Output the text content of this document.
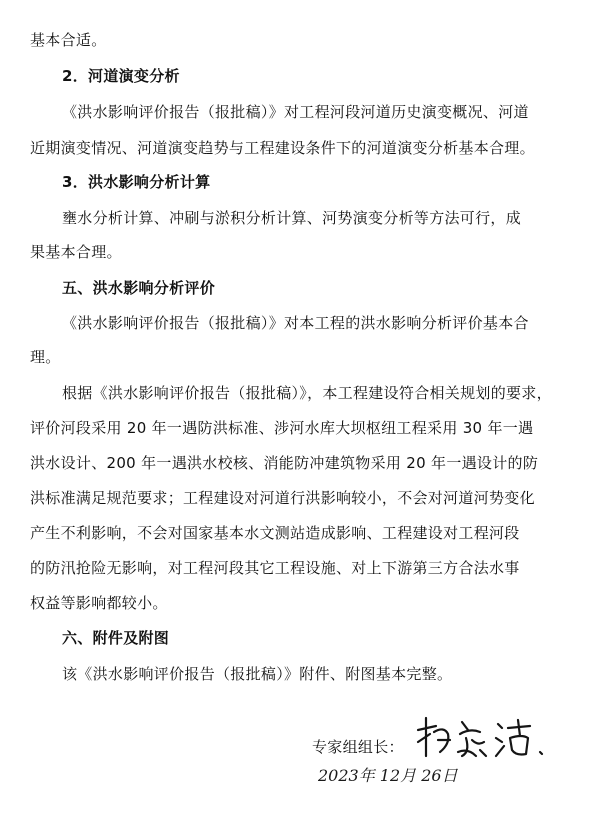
基本合适。
2．河道演变分析
《洪水影响评价报告（报批稿）》对工程河段河道历史演变概况、河道
近期演变情况、河道演变趋势与工程建设条件下的河道演变分析基本合理。
3．洪水影响分析计算
壅水分析计算、冲刷与淤积分析计算、河势演变分析等方法可行，成
果基本合理。
五、洪水影响分析评价
《洪水影响评价报告（报批稿）》对本工程的洪水影响分析评价基本合
理。
根据《洪水影响评价报告（报批稿）》，本工程建设符合相关规划的要求，
评价河段采用 20 年一遇防洪标准、涉河水库大坝枢纽工程采用 30 年一遇
洪水设计、200 年一遇洪水校核、消能防冲建筑物采用 20 年一遇设计的防
洪标准满足规范要求；工程建设对河道行洪影响较小，不会对河道河势变化
产生不利影响，不会对国家基本水文测站造成影响、工程建设对工程河段
的防汛抢险无影响，对工程河段其它工程设施、对上下游第三方合法水事
权益等影响都较小。
六、附件及附图
该《洪水影响评价报告（报批稿）》附件、附图基本完整。
专家组组长：
2023年 12月 26日
